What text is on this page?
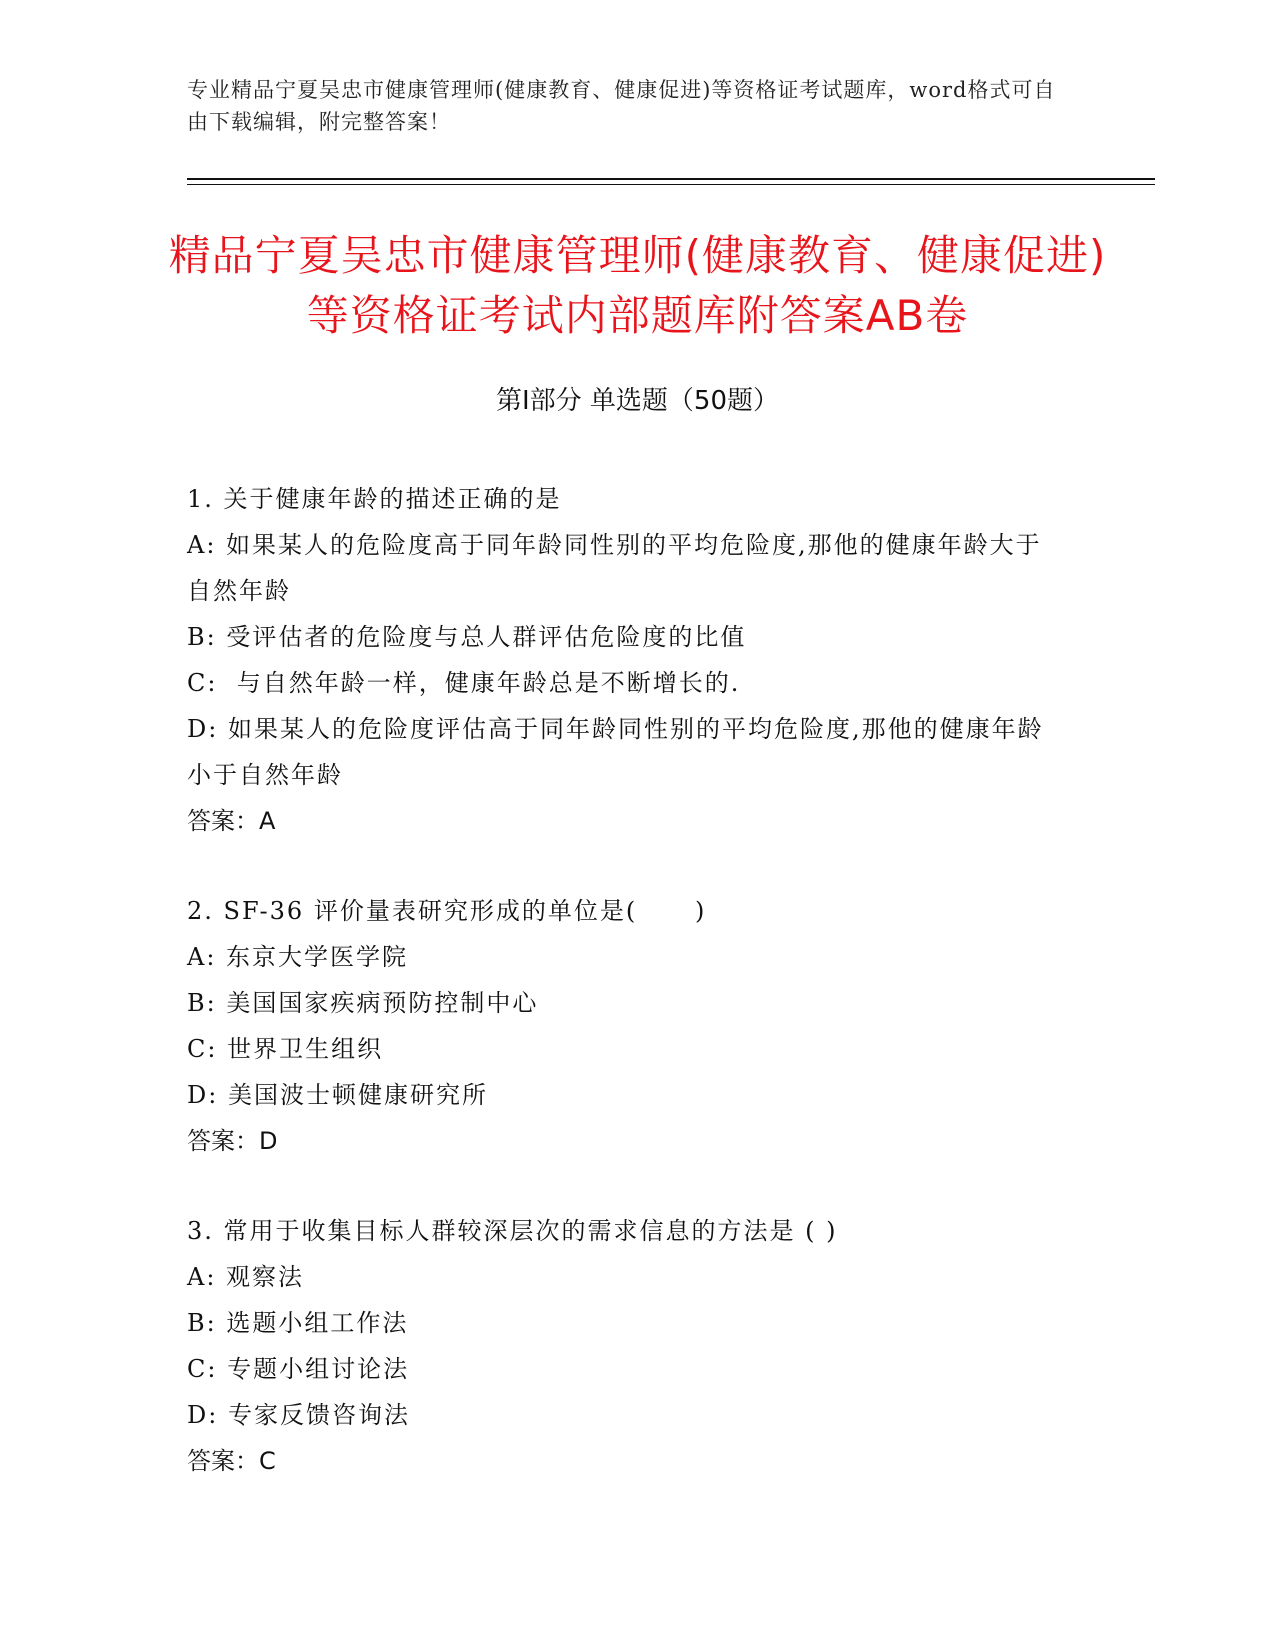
专业精品宁夏吴忠市健康管理师(健康教育、健康促进)等资格证考试题库，word格式可自由下载编辑，附完整答案！
精品宁夏吴忠市健康管理师(健康教育、健康促进)等资格证考试内部题库附答案AB卷
第Ⅰ部分 单选题（50题）
1. 关于健康年龄的描述正确的是
A: 如果某人的危险度高于同年龄同性别的平均危险度,那他的健康年龄大于自然年龄
B: 受评估者的危险度与总人群评估危险度的比值
C:  与自然年龄一样，健康年龄总是不断增长的.
D: 如果某人的危险度评估高于同年龄同性别的平均危险度,那他的健康年龄小于自然年龄
答案：A
2. SF-36 评价量表研究形成的单位是(      )
A: 东京大学医学院
B: 美国国家疾病预防控制中心
C: 世界卫生组织
D: 美国波士顿健康研究所
答案：D
3. 常用于收集目标人群较深层次的需求信息的方法是 ( )
A: 观察法
B: 选题小组工作法
C: 专题小组讨论法
D: 专家反馈咨询法
答案：C
